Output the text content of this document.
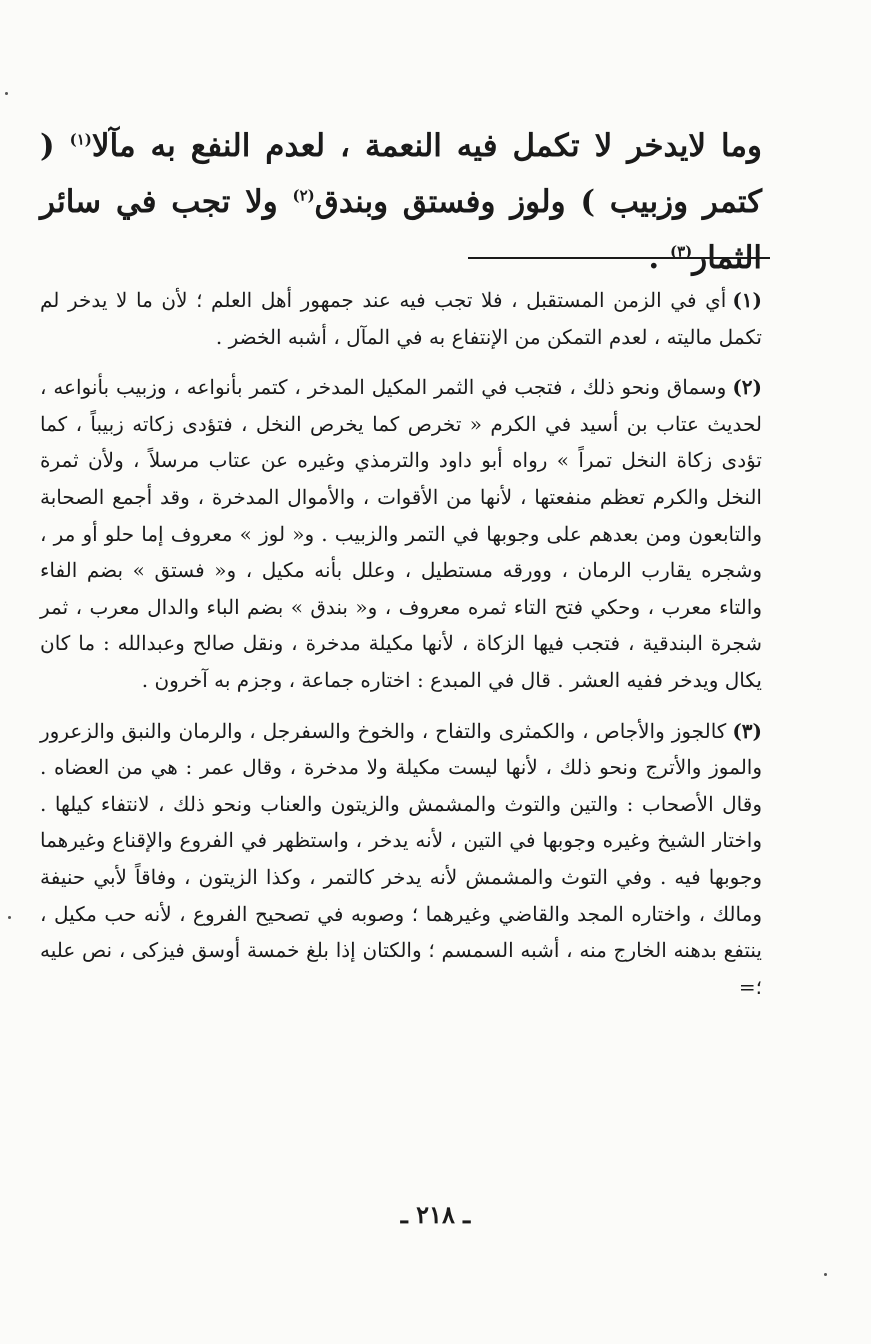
وما لايدخر لا تكمل فيه النعمة ، لعدم النفع به مآلا$^{(١)}$ ( كتمر وزبيب ) ولوز وفستق وبندق$^{(٢)}$ ولا تجب في سائر الثمار$^{(٣)}$ .

(١)أي في الزمن المستقبل ، فلا تجب فيه عند جمهور أهل العلم ؛ لأن ما لا يدخر لم تكمل ماليته ، لعدم التمكن من الإنتفاع به في المآل ، أشبه الخضر .

(٢)وسماق ونحو ذلك ، فتجب في الثمر المكيل المدخر ، كتمر بأنواعه ، وزبيب بأنواعه ، لحديث عتاب بن أسيد في الكرم « تخرص كما يخرص النخل ، فتؤدى زكاته زبيباً ، كما تؤدى زكاة النخل تمراً » رواه أبو داود والترمذي وغيره عن عتاب مرسلاً ، ولأن ثمرة النخل والكرم تعظم منفعتها ، لأنها من الأقوات ، والأموال المدخرة ، وقد أجمع الصحابة والتابعون ومن بعدهم على وجوبها في التمر والزبيب . و« لوز » معروف إما حلو أو مر ، وشجره يقارب الرمان ، وورقه مستطيل ، وعلل بأنه مكيل ، و« فستق » بضم الفاء والتاء معرب ، وحكي فتح التاء ثمره معروف ، و« بندق » بضم الباء والدال معرب ، ثمر شجرة البندقية ، فتجب فيها الزكاة ، لأنها مكيلة مدخرة ، ونقل صالح وعبدالله : ما كان يكال ويدخر ففيه العشر . قال في المبدع : اختاره جماعة ، وجزم به آخرون .

(٣)كالجوز والأجاص ، والكمثرى والتفاح ، والخوخ والسفرجل ، والرمان والنبق والزعرور والموز والأترج ونحو ذلك ، لأنها ليست مكيلة ولا مدخرة ، وقال عمر : هي من العضاه . وقال الأصحاب : والتين والتوث والمشمش والزيتون والعناب ونحو ذلك ، لانتفاء كيلها . واختار الشيخ وغيره وجوبها في التين ، لأنه يدخر ، واستظهر في الفروع والإقناع وغيرهما وجوبها فيه . وفي التوث والمشمش لأنه يدخر كالتمر ، وكذا الزيتون ، وفاقاً لأبي حنيفة ومالك ، واختاره المجد والقاضي وغيرهما ؛ وصوبه في تصحيح الفروع ، لأنه حب مكيل ، ينتفع بدهنه الخارج منه ، أشبه السمسم ؛ والكتان إذا بلغ خمسة أوسق فيزكى ، نص عليه ؛=

ـ ٢١٨ ـ
